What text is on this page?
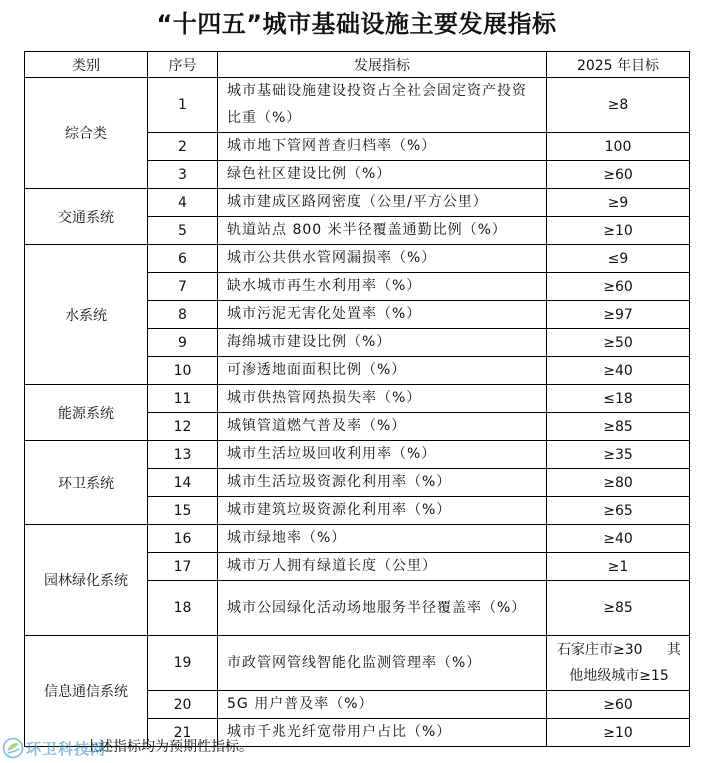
“十四五”城市基础设施主要发展指标
类别	序号	发展指标	2025 年目标
综合类	1	城市基础设施建设投资占全社会固定资产投资比重（%）	≥8
	2	城市地下管网普查归档率（%）	100
	3	绿色社区建设比例（%）	≥60
交通系统	4	城市建成区路网密度（公里/平方公里）	≥9
	5	轨道站点 800 米半径覆盖通勤比例（%）	≥10
水系统	6	城市公共供水管网漏损率（%）	≤9
	7	缺水城市再生水利用率（%）	≥60
	8	城市污泥无害化处置率（%）	≥97
	9	海绵城市建设比例（%）	≥50
	10	可渗透地面面积比例（%）	≥40
能源系统	11	城市供热管网热损失率（%）	≤18
	12	城镇管道燃气普及率（%）	≥85
环卫系统	13	城市生活垃圾回收利用率（%）	≥35
	14	城市生活垃圾资源化利用率（%）	≥80
	15	城市建筑垃圾资源化利用率（%）	≥65
园林绿化系统	16	城市绿地率（%）	≥40
	17	城市万人拥有绿道长度（公里）	≥1
	18	城市公园绿化活动场地服务半径覆盖率（%）	≥85
信息通信系统	19	市政管网管线智能化监测管理率（%）	石家庄市≥30 其
他地级城市≥15

	20	5G 用户普及率（%）	≥60
	21	城市千兆光纤宽带用户占比（%）	≥10
环卫科技网
上述指标均为预期性指标。
